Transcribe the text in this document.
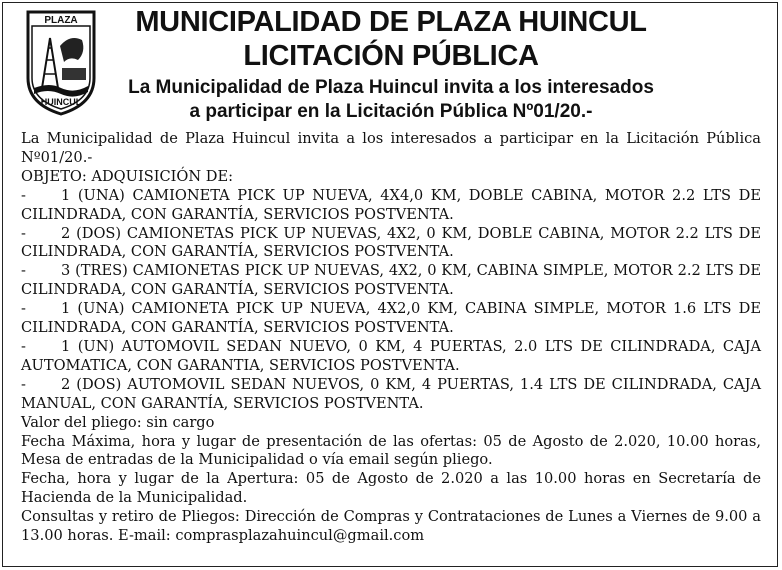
PLAZA
HUINCUL
MUNICIPALIDAD DE PLAZA HUINCUL
LICITACIÓN PÚBLICA
La Municipalidad de Plaza Huincul invita a los interesados
a participar en la Licitación Pública Nº01/20.-

La Municipalidad de Plaza Huincul invita a los interesados a participar en la Licitación Pública Nº01/20.-

OBJETO: ADQUISICIÓN DE:

- 1 (UNA) CAMIONETA PICK UP NUEVA, 4X4,0 KM, DOBLE CABINA, MOTOR 2.2 LTS DE CILINDRADA, CON GARANTÍA, SERVICIOS POSTVENTA.

- 2 (DOS) CAMIONETAS PICK UP NUEVAS, 4X2, 0 KM, DOBLE CABINA, MOTOR 2.2 LTS DE CILINDRADA, CON GARANTÍA, SERVICIOS POSTVENTA.

- 3 (TRES) CAMIONETAS PICK UP NUEVAS, 4X2, 0 KM, CABINA SIMPLE, MOTOR 2.2 LTS DE CILINDRADA, CON GARANTÍA, SERVICIOS POSTVENTA.

- 1 (UNA) CAMIONETA PICK UP NUEVA, 4X2,0 KM, CABINA SIMPLE, MOTOR 1.6 LTS DE CILINDRADA, CON GARANTÍA, SERVICIOS POSTVENTA.

- 1 (UN) AUTOMOVIL SEDAN NUEVO, 0 KM, 4 PUERTAS, 2.0 LTS DE CILINDRADA, CAJA AUTOMATICA, CON GARANTIA, SERVICIOS POSTVENTA.

- 2 (DOS) AUTOMOVIL SEDAN NUEVOS, 0 KM, 4 PUERTAS, 1.4 LTS DE CILINDRADA, CAJA MANUAL, CON GARANTÍA, SERVICIOS POSTVENTA.

Valor del pliego: sin cargo

Fecha Máxima, hora y lugar de presentación de las ofertas: 05 de Agosto de 2.020, 10.00 horas, Mesa de entradas de la Municipalidad o vía email según pliego.

Fecha, hora y lugar de la Apertura: 05 de Agosto de 2.020 a las 10.00 horas en Secretaría de Hacienda de la Municipalidad.

Consultas y retiro de Pliegos: Dirección de Compras y Contrataciones de Lunes a Viernes de 9.00 a 13.00 horas. E-mail: comprasplazahuincul@gmail.com
